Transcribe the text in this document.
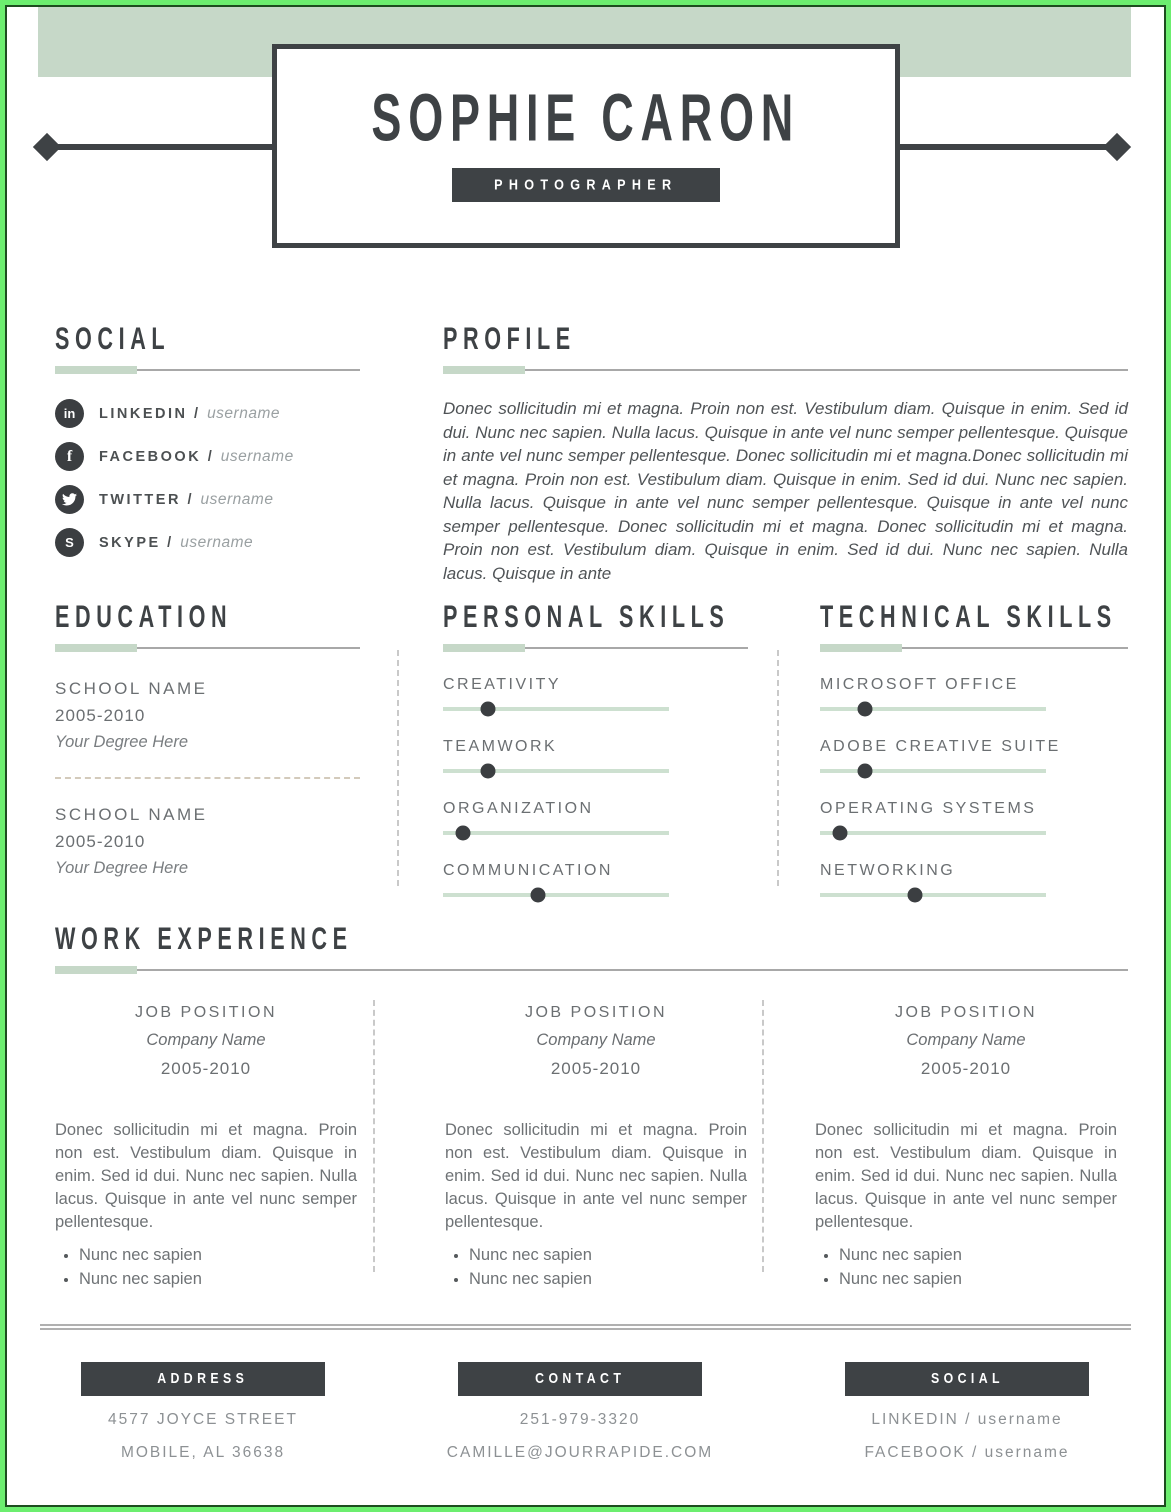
SOPHIE CARON
PHOTOGRAPHER
SOCIAL
in	LINKEDIN / username
f	FACEBOOK / username
TWITTER / username
S	SKYPE / username
PROFILE

Donec sollicitudin mi et magna. Proin non est. Vestibulum diam. Quisque in enim. Sed id dui. Nunc nec sapien. Nulla lacus. Quisque in ante vel nunc semper pellentesque. Quisque in ante vel nunc semper pellentesque. Donec sollicitudin mi et magna.Donec sollicitudin mi et magna. Proin non est. Vestibulum diam. Quisque in enim. Sed id dui. Nunc nec sapien. Nulla lacus. Quisque in ante vel nunc semper pellentesque. Quisque in ante vel nunc semper pellentesque. Donec sollicitudin mi et magna. Donec sollicitudin mi et magna. Proin non est. Vestibulum diam. Quisque in enim. Sed id dui. Nunc nec sapien. Nulla lacus. Quisque in ante

EDUCATION
SCHOOL NAME
2005-2010
Your Degree Here
SCHOOL NAME
2005-2010
Your Degree Here
PERSONAL SKILLS
CREATIVITY
TEAMWORK
ORGANIZATION
COMMUNICATION
TECHNICAL SKILLS
MICROSOFT OFFICE
ADOBE CREATIVE SUITE
OPERATING SYSTEMS
NETWORKING
WORK EXPERIENCE
JOB POSITION
Company Name
2005-2010

Donec sollicitudin mi et magna. Proin non est. Vestibulum diam. Quisque in enim. Sed id dui. Nunc nec sapien. Nulla lacus. Quisque in ante vel nunc semper pellentesque.

• Nunc nec sapien
• Nunc nec sapien
JOB POSITION
Company Name
2005-2010

Donec sollicitudin mi et magna. Proin non est. Vestibulum diam. Quisque in enim. Sed id dui. Nunc nec sapien. Nulla lacus. Quisque in ante vel nunc semper pellentesque.

• Nunc nec sapien
• Nunc nec sapien
JOB POSITION
Company Name
2005-2010

Donec sollicitudin mi et magna. Proin non est. Vestibulum diam. Quisque in enim. Sed id dui. Nunc nec sapien. Nulla lacus. Quisque in ante vel nunc semper pellentesque.

• Nunc nec sapien
• Nunc nec sapien
ADDRESS
4577 JOYCE STREET
MOBILE, AL 36638
CONTACT
251-979-3320
CAMILLE@JOURRAPIDE.COM
SOCIAL
LINKEDIN / username
FACEBOOK / username
